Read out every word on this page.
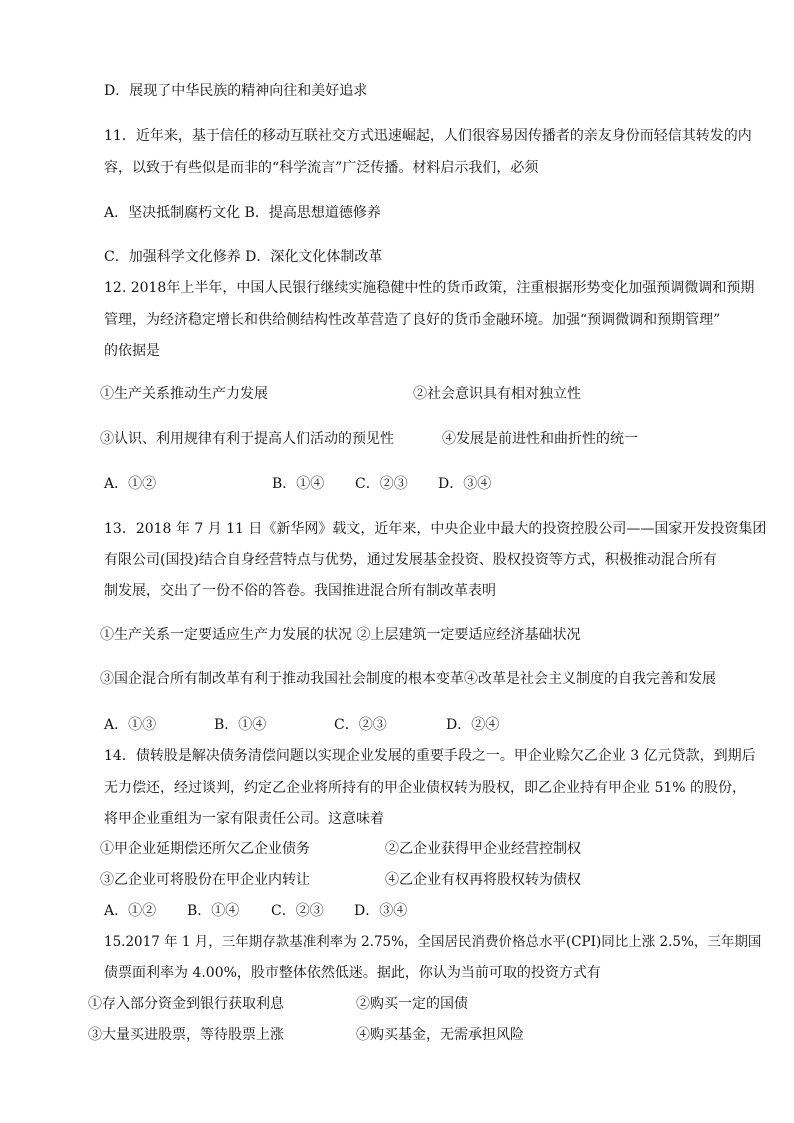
D．展现了中华民族的精神向往和美好追求
11．近年来，基于信任的移动互联社交方式迅速崛起，人们很容易因传播者的亲友身份而轻信其转发的内
容，以致于有些似是而非的“科学流言”广泛传播。材料启示我们，必须
A．坚决抵制腐朽文化 B．提高思想道德修养
C．加强科学文化修养 D．深化文化体制改革
12. 2018年上半年，中国人民银行继续实施稳健中性的货币政策，注重根据形势变化加强预调微调和预期
管理，为经济稳定增长和供给侧结构性改革营造了良好的货币金融环境。加强“预调微调和预期管理”
的依据是
①生产关系推动生产力发展	②社会意识具有相对独立性
③认识、利用规律有利于提高人们活动的预见性	④发展是前进性和曲折性的统一
A．①②	B．①④ C．②③ D．③④
13．2018 年 7 月 11 日《新华网》载文，近年来，中央企业中最大的投资控股公司——国家开发投资集团
有限公司(国投)结合自身经营特点与优势，通过发展基金投资、股权投资等方式，积极推动混合所有
制发展，交出了一份不俗的答卷。我国推进混合所有制改革表明
①生产关系一定要适应生产力发展的状况 ②上层建筑一定要适应经济基础状况
③国企混合所有制改革有利于推动我国社会制度的根本变革④改革是社会主义制度的自我完善和发展
A．①③	B．①④	C．②③	D．②④
14．债转股是解决债务清偿问题以实现企业发展的重要手段之一。甲企业赊欠乙企业 3 亿元贷款，到期后
无力偿还，经过谈判，约定乙企业将所持有的甲企业债权转为股权，即乙企业持有甲企业 51% 的股份，
将甲企业重组为一家有限责任公司。这意味着
①甲企业延期偿还所欠乙企业债务	②乙企业获得甲企业经营控制权
③乙企业可将股份在甲企业内转让	④乙企业有权再将股权转为债权
A．①② B．①④ C．②③ D．③④
15.2017 年 1 月，三年期存款基准利率为 2.75%，全国居民消费价格总水平(CPI)同比上涨 2.5%，三年期国
债票面利率为 4.00%，股市整体依然低迷。据此，你认为当前可取的投资方式有
①存入部分资金到银行获取利息	②购买一定的国债
③大量买进股票，等待股票上涨	④购买基金，无需承担风险
